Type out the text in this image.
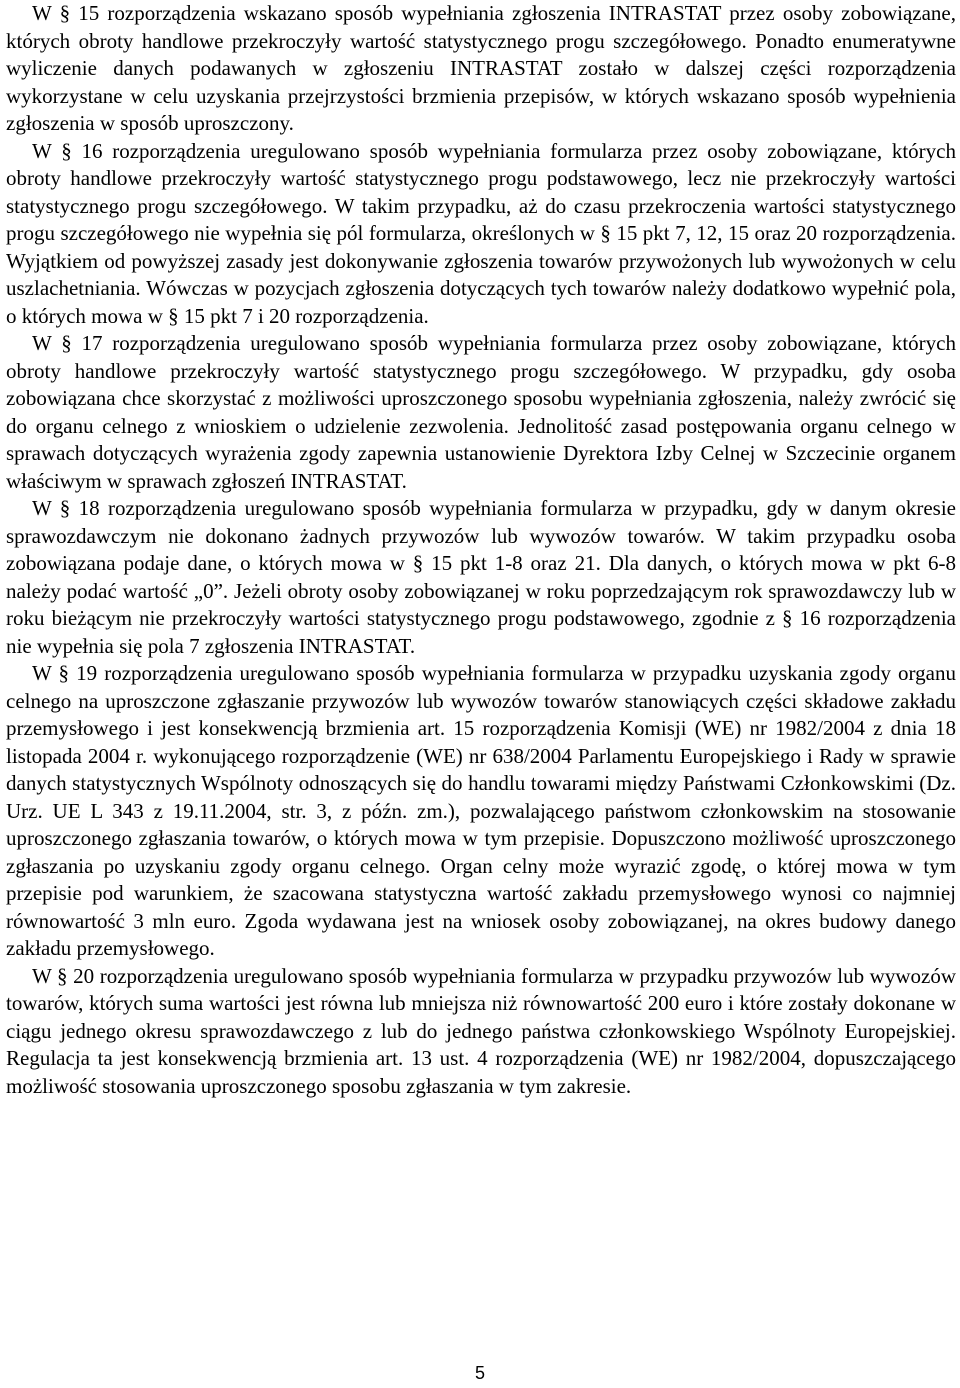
W § 15 rozporządzenia wskazano sposób wypełniania zgłoszenia INTRASTAT przez osoby zobowiązane, których obroty handlowe przekroczyły wartość statystycznego progu szczegółowego. Ponadto enumeratywne wyliczenie danych podawanych w zgłoszeniu INTRASTAT zostało w dalszej części rozporządzenia wykorzystane w celu uzyskania przejrzystości brzmienia przepisów, w których wskazano sposób wypełnienia zgłoszenia w sposób uproszczony.

W § 16 rozporządzenia uregulowano sposób wypełniania formularza przez osoby zobowiązane, których obroty handlowe przekroczyły wartość statystycznego progu podstawowego, lecz nie przekroczyły wartości statystycznego progu szczegółowego. W takim przypadku, aż do czasu przekroczenia wartości statystycznego progu szczegółowego nie wypełnia się pól formularza, określonych w § 15 pkt 7, 12, 15 oraz 20 rozporządzenia. Wyjątkiem od powyższej zasady jest dokonywanie zgłoszenia towarów przywożonych lub wywożonych w celu uszlachetniania. Wówczas w pozycjach zgłoszenia dotyczących tych towarów należy dodatkowo wypełnić pola, o których mowa w § 15 pkt 7 i 20 rozporządzenia.

W § 17 rozporządzenia uregulowano sposób wypełniania formularza przez osoby zobowiązane, których obroty handlowe przekroczyły wartość statystycznego progu szczegółowego. W przypadku, gdy osoba zobowiązana chce skorzystać z możliwości uproszczonego sposobu wypełniania zgłoszenia, należy zwrócić się do organu celnego z wnioskiem o udzielenie zezwolenia. Jednolitość zasad postępowania organu celnego w sprawach dotyczących wyrażenia zgody zapewnia ustanowienie Dyrektora Izby Celnej w Szczecinie organem właściwym w sprawach zgłoszeń INTRASTAT.

W § 18 rozporządzenia uregulowano sposób wypełniania formularza w przypadku, gdy w danym okresie sprawozdawczym nie dokonano żadnych przywozów lub wywozów towarów. W takim przypadku osoba zobowiązana podaje dane, o których mowa w § 15 pkt 1-8 oraz 21. Dla danych, o których mowa w pkt 6-8 należy podać wartość „0”. Jeżeli obroty osoby zobowiązanej w roku poprzedzającym rok sprawozdawczy lub w roku bieżącym nie przekroczyły wartości statystycznego progu podstawowego, zgodnie z § 16 rozporządzenia nie wypełnia się pola 7 zgłoszenia INTRASTAT.

W § 19 rozporządzenia uregulowano sposób wypełniania formularza w przypadku uzyskania zgody organu celnego na uproszczone zgłaszanie przywozów lub wywozów towarów stanowiących części składowe zakładu przemysłowego i jest konsekwencją brzmienia art. 15 rozporządzenia Komisji (WE) nr 1982/2004 z dnia 18 listopada 2004 r. wykonującego rozporządzenie (WE) nr 638/2004 Parlamentu Europejskiego i Rady w sprawie danych statystycznych Wspólnoty odnoszących się do handlu towarami między Państwami Członkowskimi (Dz. Urz. UE L 343 z 19.11.2004, str. 3, z późn. zm.), pozwalającego państwom członkowskim na stosowanie uproszczonego zgłaszania towarów, o których mowa w tym przepisie. Dopuszczono możliwość uproszczonego zgłaszania po uzyskaniu zgody organu celnego. Organ celny może wyrazić zgodę, o której mowa w tym przepisie pod warunkiem, że szacowana statystyczna wartość zakładu przemysłowego wynosi co najmniej równowartość 3 mln euro. Zgoda wydawana jest na wniosek osoby zobowiązanej, na okres budowy danego zakładu przemysłowego.

W § 20 rozporządzenia uregulowano sposób wypełniania formularza w przypadku przywozów lub wywozów towarów, których suma wartości jest równa lub mniejsza niż równowartość 200 euro i które zostały dokonane w ciągu jednego okresu sprawozdawczego z lub do jednego państwa członkowskiego Wspólnoty Europejskiej. Regulacja ta jest konsekwencją brzmienia art. 13 ust. 4 rozporządzenia (WE) nr 1982/2004, dopuszczającego możliwość stosowania uproszczonego sposobu zgłaszania w tym zakresie.

5
